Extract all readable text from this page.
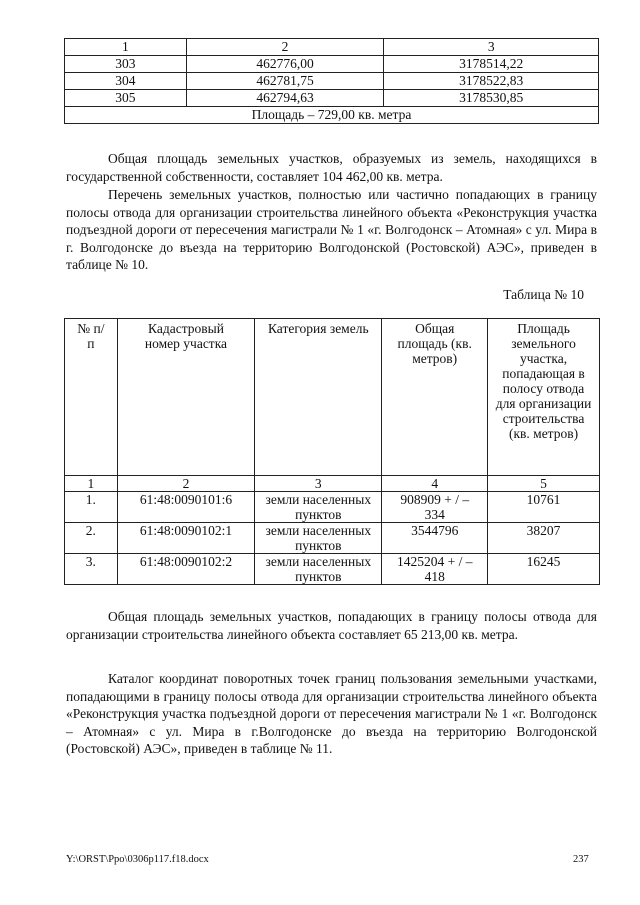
1	2	3
303	462776,00	3178514,22
304	462781,75	3178522,83
305	462794,63	3178530,85
Площадь – 729,00 кв. метра		

Общая площадь земельных участков, образуемых из земель, находящихся в государственной собственности, составляет 104 462,00 кв. метра.

Перечень земельных участков, полностью или частично попадающих в границу полосы отвода для организации строительства линейного объекта «Реконструкция участка подъездной дороги от пересечения магистрали № 1 «г. Волгодонск – Атомная» с ул. Мира в г. Волгодонске до въезда на территорию Волгодонской (Ростовской) АЭС», приведен в таблице № 10.

Таблица № 10
№ п/п	Кадастровый номер участка	Категория земель	Общая площадь (кв. метров)	Площадь земельного участка, попадающая в полосу отвода для организации строительства (кв. метров)

1	2	3	4	5
1.	61:48:0090101:6	земли населенных пунктов	908909 + / – 334	10761
2.	61:48:0090102:1	земли населенных пунктов	3544796	38207
3.	61:48:0090102:2	земли населенных пунктов	1425204 + / – 418	16245

Общая площадь земельных участков, попадающих в границу полосы отвода для организации строительства линейного объекта составляет 65 213,00 кв. метра.

Каталог координат поворотных точек границ пользования земельными участками, попадающими в границу полосы отвода для организации строительства линейного объекта «Реконструкция участка подъездной дороги от пересечения магистрали № 1 «г. Волгодонск – Атомная» с ул. Мира в г.Волгодонске до въезда на территорию Волгодонской (Ростовской) АЭС», приведен в таблице № 11.

Y:\ORST\Ppo\0306p117.f18.docx	237
